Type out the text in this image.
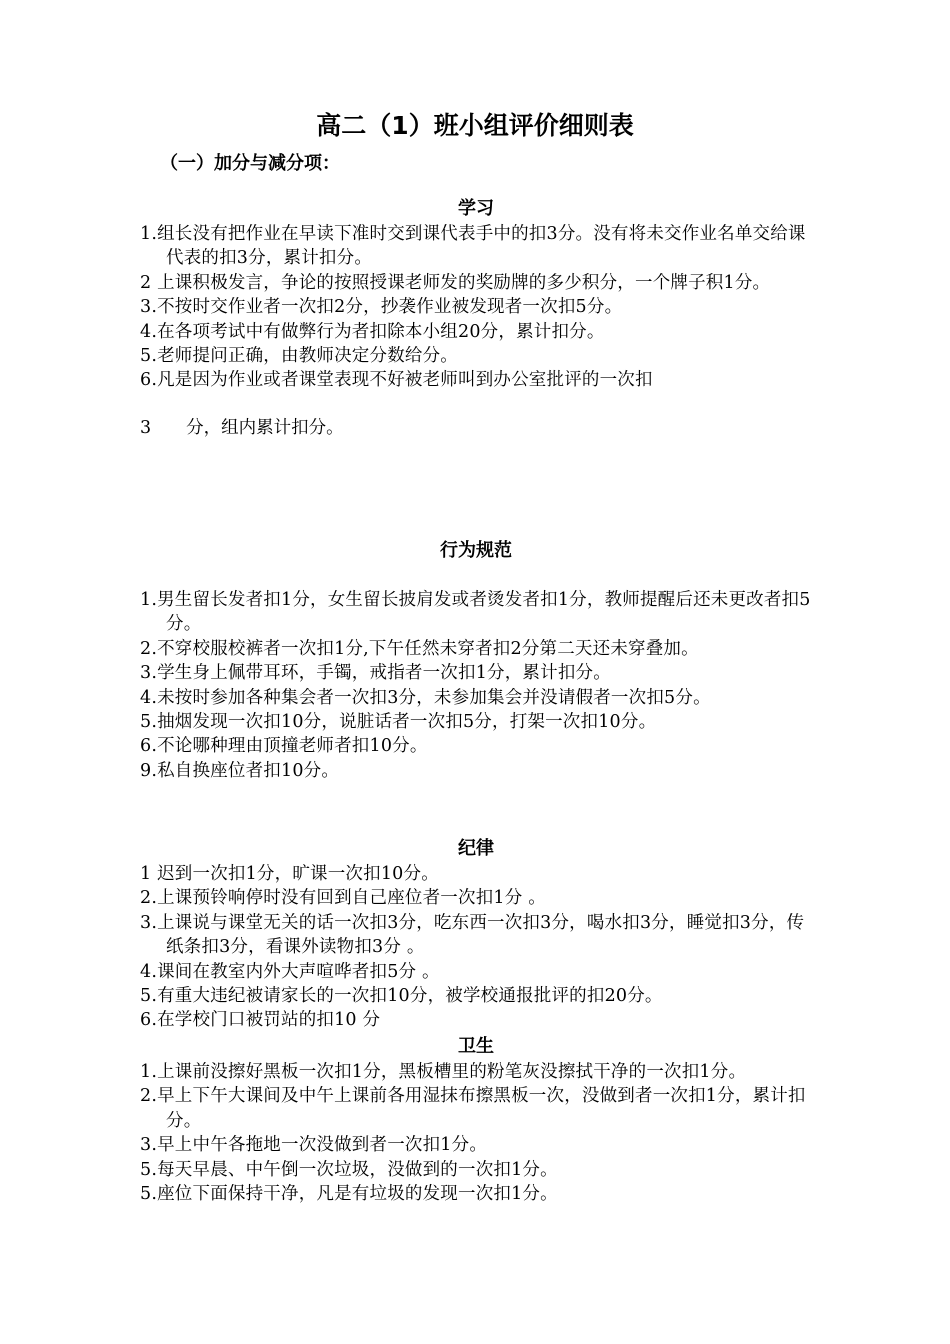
高二（1）班小组评价细则表

（一）加分与减分项：

学习

1.组长没有把作业在早读下准时交到课代表手中的扣3分。没有将未交作业名单交给课代表的扣3分，累计扣分。

2 上课积极发言，争论的按照授课老师发的奖励牌的多少积分，一个牌子积1分。

3.不按时交作业者一次扣2分，抄袭作业被发现者一次扣5分。

4.在各项考试中有做弊行为者扣除本小组20分，累计扣分。

5.老师提问正确，由教师决定分数给分。

6.凡是因为作业或者课堂表现不好被老师叫到办公室批评的一次扣

3　　分，组内累计扣分。

行为规范

1.男生留长发者扣1分，女生留长披肩发或者烫发者扣1分，教师提醒后还未更改者扣5分。

2.不穿校服校裤者一次扣1分,下午任然未穿者扣2分第二天还未穿叠加。

3.学生身上佩带耳环，手镯，戒指者一次扣1分，累计扣分。

4.未按时参加各种集会者一次扣3分，未参加集会并没请假者一次扣5分。

5.抽烟发现一次扣10分，说脏话者一次扣5分，打架一次扣10分。

6.不论哪种理由顶撞老师者扣10分。

9.私自换座位者扣10分。

纪律

1 迟到一次扣1分，旷课一次扣10分。

2.上课预铃响停时没有回到自己座位者一次扣1分 。

3.上课说与课堂无关的话一次扣3分，吃东西一次扣3分，喝水扣3分，睡觉扣3分，传纸条扣3分，看课外读物扣3分 。

4.课间在教室内外大声喧哗者扣5分 。

5.有重大违纪被请家长的一次扣10分，被学校通报批评的扣20分。

6.在学校门口被罚站的扣10 分

卫生

1.上课前没擦好黑板一次扣1分，黑板槽里的粉笔灰没擦拭干净的一次扣1分。

2.早上下午大课间及中午上课前各用湿抹布擦黑板一次，没做到者一次扣1分，累计扣分。

3.早上中午各拖地一次没做到者一次扣1分。

5.每天早晨、中午倒一次垃圾，没做到的一次扣1分。

5.座位下面保持干净，凡是有垃圾的发现一次扣1分。
